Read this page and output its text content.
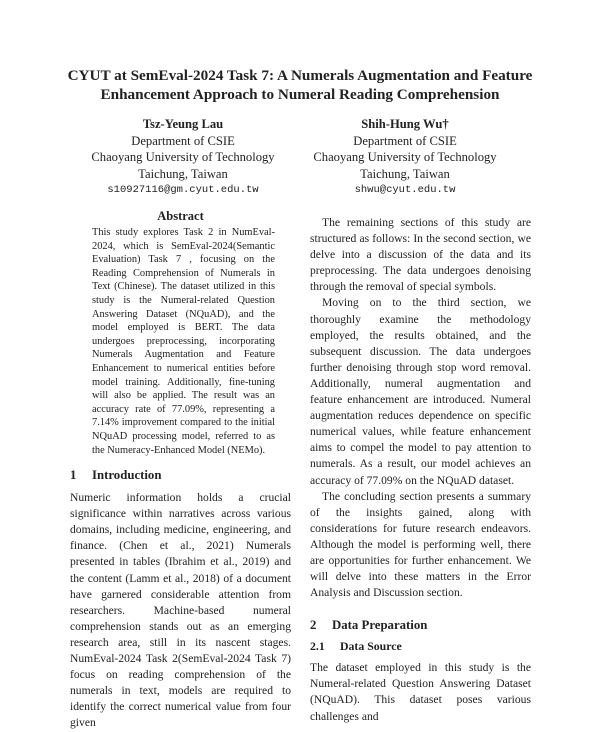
CYUT at SemEval-2024 Task 7: A Numerals Augmentation and Feature
Enhancement Approach to Numeral Reading Comprehension
Tsz-Yeung Lau
Department of CSIE
Chaoyang University of Technology
Taichung, Taiwan
s10927116@gm.cyut.edu.tw
Shih-Hung Wu†
Department of CSIE
Chaoyang University of Technology
Taichung, Taiwan
shwu@cyut.edu.tw
Abstract
This study explores Task 2 in NumEval-2024, which is SemEval-2024(Semantic Evaluation) Task 7 , focusing on the Reading Comprehension of Numerals in Text (Chinese). The dataset utilized in this study is the Numeral-related Question Answering Dataset (NQuAD), and the model employed is BERT. The data undergoes preprocessing, incorporating Numerals Augmentation and Feature Enhancement to numerical entities before model training. Additionally, fine-tuning will also be applied. The result was an accuracy rate of 77.09%, representing a 7.14% improvement compared to the initial NQuAD processing model, referred to as the Numeracy-Enhanced Model (NEMo).
1 Introduction

Numeric information holds a crucial significance within narratives across various domains, including medicine, engineering, and finance. (Chen et al., 2021) Numerals presented in tables (Ibrahim et al., 2019) and the content (Lamm et al., 2018) of a document have garnered considerable attention from researchers. Machine-based numeral comprehension stands out as an emerging research area, still in its nascent stages. NumEval-2024 Task 2(SemEval-2024 Task 7) focus on reading comprehension of the numerals in text, models are required to identify the correct numerical value from four given

The remaining sections of this study are structured as follows: In the second section, we delve into a discussion of the data and its preprocessing. The data undergoes denoising through the removal of special symbols.

Moving on to the third section, we thoroughly examine the methodology employed, the results obtained, and the subsequent discussion. The data undergoes further denoising through stop word removal. Additionally, numeral augmentation and feature enhancement are introduced. Numeral augmentation reduces dependence on specific numerical values, while feature enhancement aims to compel the model to pay attention to numerals. As a result, our model achieves an accuracy of 77.09% on the NQuAD dataset.

The concluding section presents a summary of the insights gained, along with considerations for future research endeavors. Although the model is performing well, there are opportunities for further enhancement. We will delve into these matters in the Error Analysis and Discussion section.

2 Data Preparation
2.1 Data Source

The dataset employed in this study is the Numeral-related Question Answering Dataset (NQuAD). This dataset poses various challenges and
